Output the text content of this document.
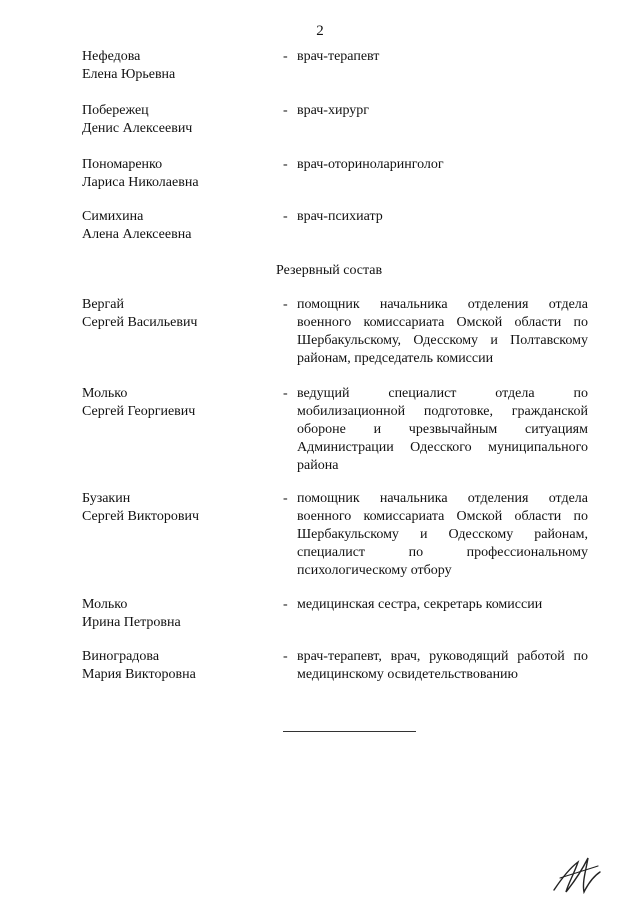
2
Нефедова
Елена Юрьевна
- врач-терапевт
Побережец
Денис Алексеевич
- врач-хирург
Пономаренко
Лариса Николаевна
- врач-оториноларинголог
Симихина
Алена Алексеевна
- врач-психиатр
Резервный состав
Вергай
Сергей Васильевич
- помощник начальника отделения отдела военного комиссариата Омской области по Шербакульскому, Одесскому и Полтавскому районам, председатель комиссии
Молько
Сергей Георгиевич
- ведущий специалист отдела по мобилизационной подготовке, гражданской обороне и чрезвычайным ситуациям Администрации Одесского муниципального района
Бузакин
Сергей Викторович
- помощник начальника отделения отдела военного комиссариата Омской области по Шербакульскому и Одесскому районам, специалист по профессиональному психологическому отбору
Молько
Ирина Петровна
- медицинская сестра, секретарь комиссии
Виноградова
Мария Викторовна
- врач-терапевт, врач, руководящий работой по медицинскому освидетельствованию
